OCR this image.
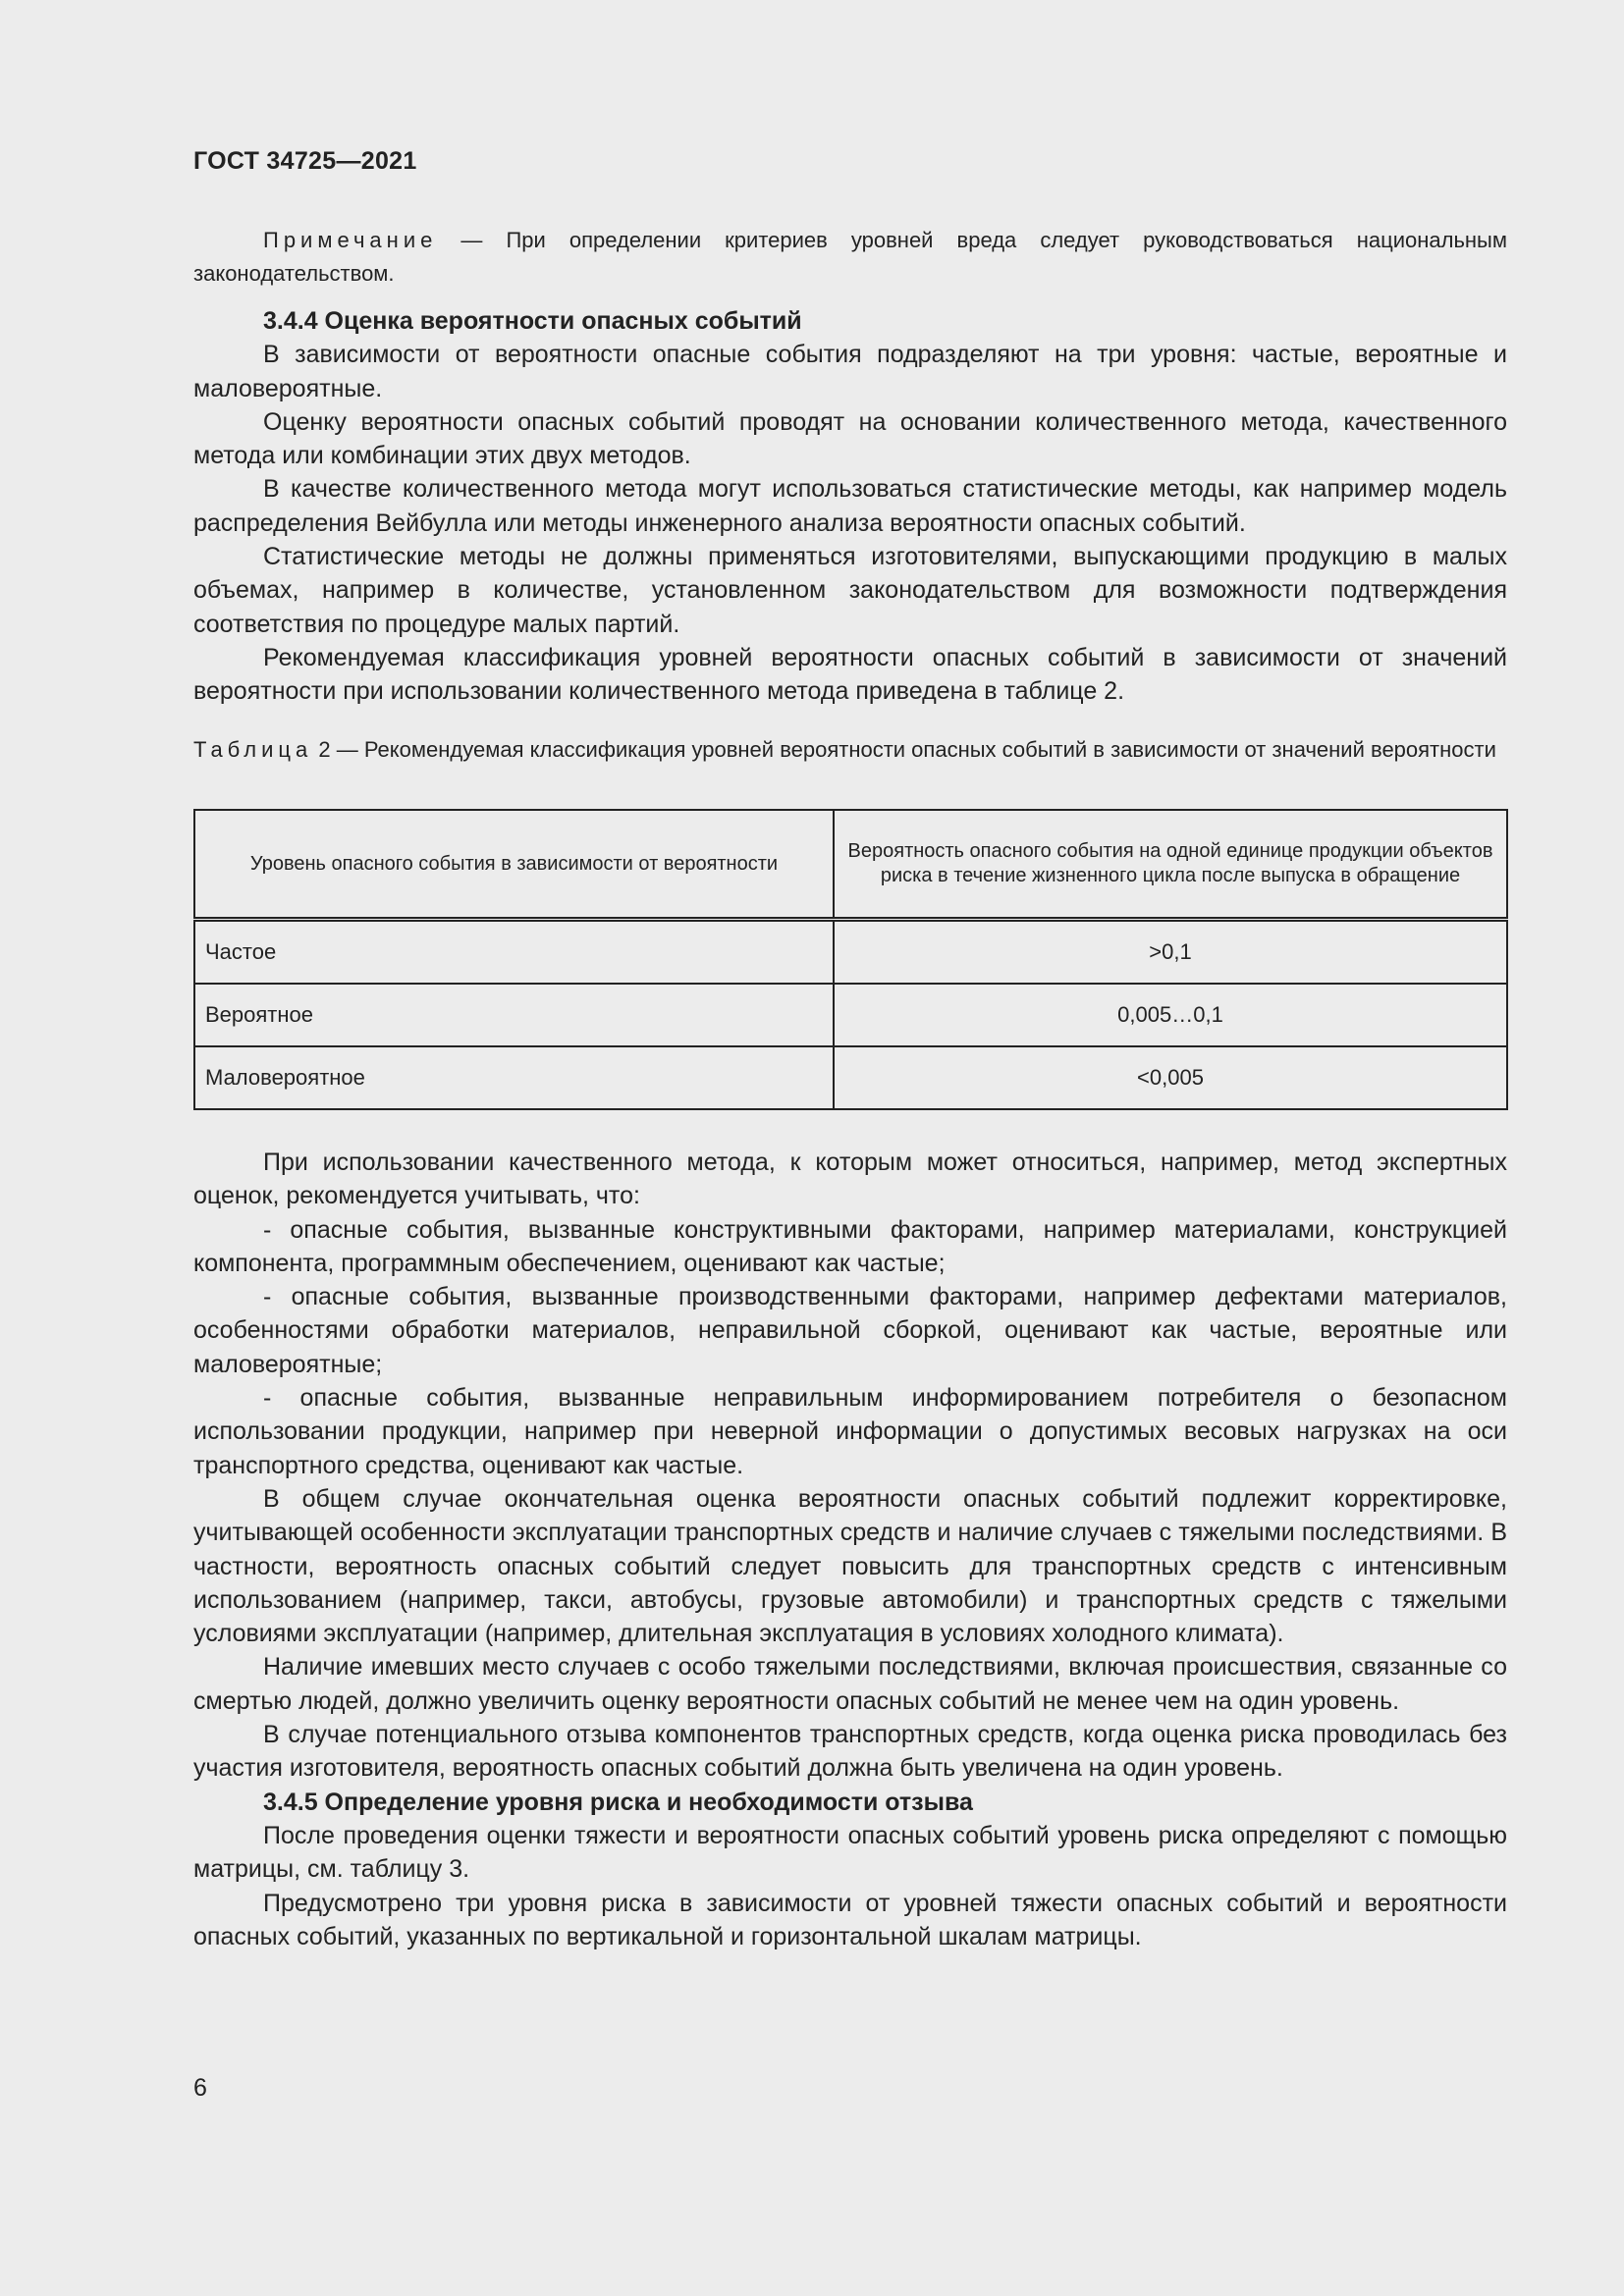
ГОСТ 34725—2021
Примечание — При определении критериев уровней вреда следует руководствоваться национальным законодательством.

3.4.4 Оценка вероятности опасных событий

В зависимости от вероятности опасные события подразделяют на три уровня: частые, вероятные и маловероятные.

Оценку вероятности опасных событий проводят на основании количественного метода, качественного метода или комбинации этих двух методов.

В качестве количественного метода могут использоваться статистические методы, как например модель распределения Вейбулла или методы инженерного анализа вероятности опасных событий.

Статистические методы не должны применяться изготовителями, выпускающими продукцию в малых объемах, например в количестве, установленном законодательством для возможности подтверждения соответствия по процедуре малых партий.

Рекомендуемая классификация уровней вероятности опасных событий в зависимости от значений вероятности при использовании количественного метода приведена в таблице 2.

Таблица 2 — Рекомендуемая классификация уровней вероятности опасных событий в зависимости от значений вероятности
Уровень опасного события в зависимости от вероятности	Вероятность опасного события на одной единице продукции объектов риска в течение жизненного цикла после выпуска в обращение
Частое	>0,1
Вероятное	0,005…0,1
Маловероятное	<0,005

При использовании качественного метода, к которым может относиться, например, метод экспертных оценок, рекомендуется учитывать, что:

- опасные события, вызванные конструктивными факторами, например материалами, конструкцией компонента, программным обеспечением, оценивают как частые;

- опасные события, вызванные производственными факторами, например дефектами материалов, особенностями обработки материалов, неправильной сборкой, оценивают как частые, вероятные или маловероятные;

- опасные события, вызванные неправильным информированием потребителя о безопасном использовании продукции, например при неверной информации о допустимых весовых нагрузках на оси транспортного средства, оценивают как частые.

В общем случае окончательная оценка вероятности опасных событий подлежит корректировке, учитывающей особенности эксплуатации транспортных средств и наличие случаев с тяжелыми последствиями. В частности, вероятность опасных событий следует повысить для транспортных средств с интенсивным использованием (например, такси, автобусы, грузовые автомобили) и транспортных средств с тяжелыми условиями эксплуатации (например, длительная эксплуатация в условиях холодного климата).

Наличие имевших место случаев с особо тяжелыми последствиями, включая происшествия, связанные со смертью людей, должно увеличить оценку вероятности опасных событий не менее чем на один уровень.

В случае потенциального отзыва компонентов транспортных средств, когда оценка риска проводилась без участия изготовителя, вероятность опасных событий должна быть увеличена на один уровень.

3.4.5 Определение уровня риска и необходимости отзыва

После проведения оценки тяжести и вероятности опасных событий уровень риска определяют с помощью матрицы, см. таблицу 3.

Предусмотрено три уровня риска в зависимости от уровней тяжести опасных событий и вероятности опасных событий, указанных по вертикальной и горизонтальной шкалам матрицы.

6
